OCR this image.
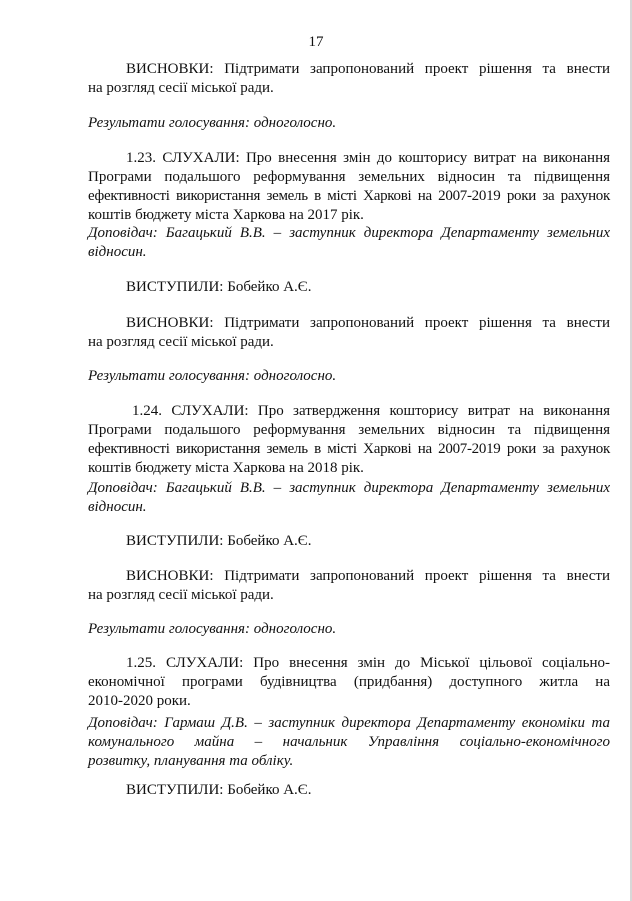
17
ВИСНОВКИ: Підтримати запропонований проект рішення та внести
на розгляд сесії міської ради.
Результати голосування: одноголосно.
1.23. СЛУХАЛИ: Про внесення змін до кошторису витрат на виконання
Програми подальшого реформування земельних відносин та підвищення
ефективності використання земель в місті Харкові на 2007-2019 роки за рахунок
коштів бюджету міста Харкова на 2017 рік.
Доповідач: Багацький В.В. – заступник директора Департаменту земельних
відносин.
ВИСТУПИЛИ: Бобейко А.Є.
ВИСНОВКИ: Підтримати запропонований проект рішення та внести
на розгляд сесії міської ради.
Результати голосування: одноголосно.
1.24. СЛУХАЛИ: Про затвердження кошторису витрат на виконання
Програми подальшого реформування земельних відносин та підвищення
ефективності використання земель в місті Харкові на 2007-2019 роки за рахунок
коштів бюджету міста Харкова на 2018 рік.
Доповідач: Багацький В.В. – заступник директора Департаменту земельних
відносин.
ВИСТУПИЛИ: Бобейко А.Є.
ВИСНОВКИ: Підтримати запропонований проект рішення та внести
на розгляд сесії міської ради.
Результати голосування: одноголосно.
1.25. СЛУХАЛИ: Про внесення змін до Міської цільової соціально-
економічної програми будівництва (придбання) доступного житла на
2010-2020 роки.
Доповідач: Гармаш Д.В. – заступник директора Департаменту економіки та
комунального майна – начальник Управління соціально-економічного
розвитку, планування та обліку.
ВИСТУПИЛИ: Бобейко А.Є.
